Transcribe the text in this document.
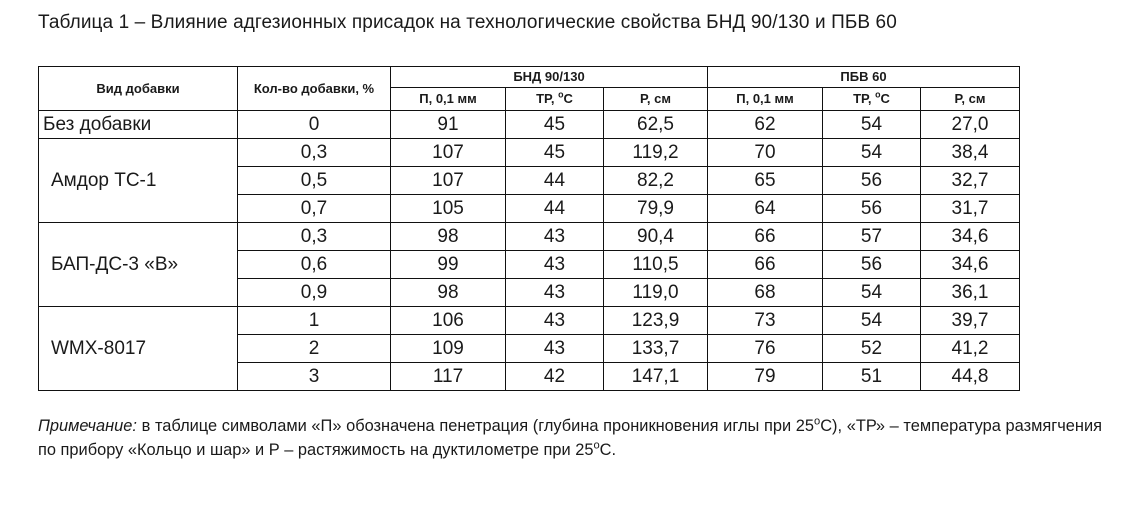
Таблица 1 – Влияние адгезионных присадок на технологические свойства БНД 90/130 и ПБВ 60
Вид добавки	Кол-во добавки, %	БНД 90/130			ПБВ 60		
		П, 0,1 мм	ТР, $^o$С	Р, см	П, 0,1 мм	ТР, $^o$С	Р, см
Без добавки	0	91	45	62,5	62	54	27,0
Амдор ТС-1	0,3	107	45	119,2	70	54	38,4
	0,5	107	44	82,2	65	56	32,7
	0,7	105	44	79,9	64	56	31,7
БАП-ДС-3 «В»	0,3	98	43	90,4	66	57	34,6
	0,6	99	43	110,5	66	56	34,6
	0,9	98	43	119,0	68	54	36,1
WMX-8017	1	106	43	123,9	73	54	39,7
	2	109	43	133,7	76	52	41,2
	3	117	42	147,1	79	51	44,8
Примечание: в таблице символами «П» обозначена пенетрация (глубина проникновения иглы при 25$^o$С), «ТР» – температура размягчения по прибору «Кольцо и шар» и Р – растяжимость на дуктилометре при 25$^o$С.
